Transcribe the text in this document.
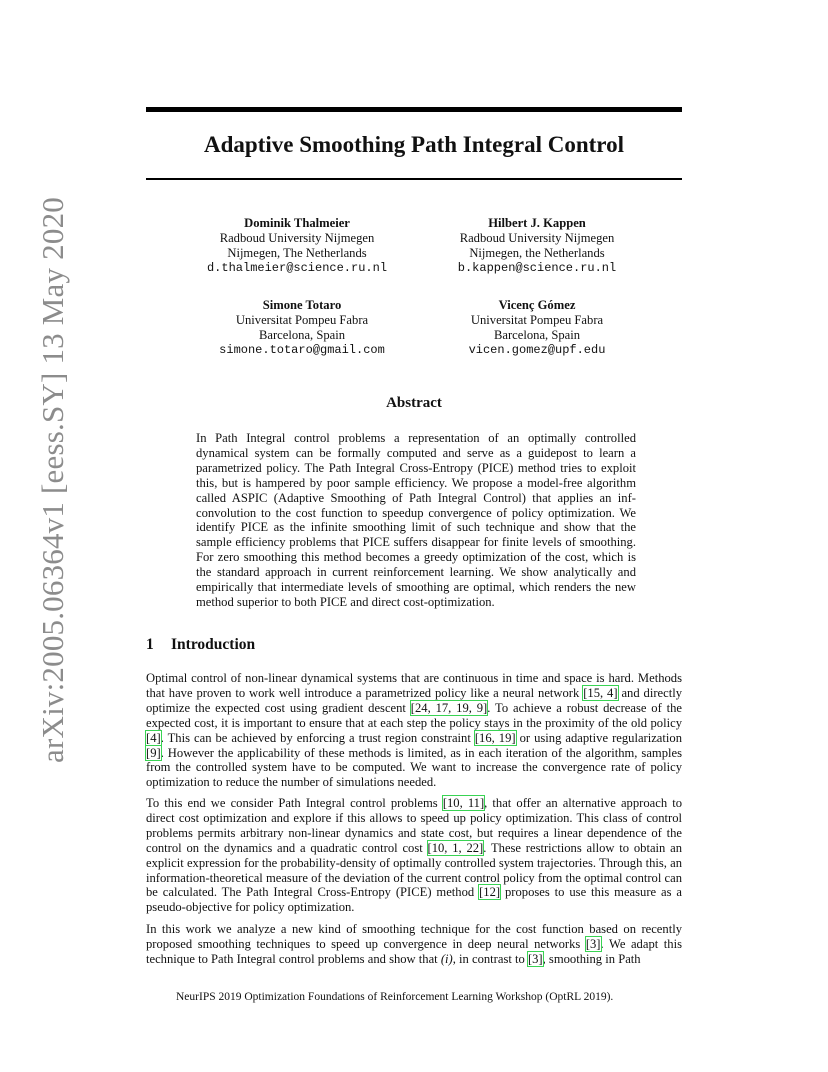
arXiv:2005.06364v1 [eess.SY] 13 May 2020
Adaptive Smoothing Path Integral Control
Dominik Thalmeier
Radboud University Nijmegen
Nijmegen, The Netherlands
d.thalmeier@science.ru.nl
Hilbert J. Kappen
Radboud University Nijmegen
Nijmegen, the Netherlands
b.kappen@science.ru.nl
Simone Totaro
Universitat Pompeu Fabra
Barcelona, Spain
simone.totaro@gmail.com
Vicenç Gómez
Universitat Pompeu Fabra
Barcelona, Spain
vicen.gomez@upf.edu
Abstract
In Path Integral control problems a representation of an optimally controlled dynamical system can be formally computed and serve as a guidepost to learn a parametrized policy. The Path Integral Cross-Entropy (PICE) method tries to exploit this, but is hampered by poor sample efficiency. We propose a model-free algorithm called ASPIC (Adaptive Smoothing of Path Integral Control) that applies an inf-convolution to the cost function to speedup convergence of policy optimization. We identify PICE as the infinite smoothing limit of such technique and show that the sample efficiency problems that PICE suffers disappear for finite levels of smoothing. For zero smoothing this method becomes a greedy optimization of the cost, which is the standard approach in current reinforcement learning. We show analytically and empirically that intermediate levels of smoothing are optimal, which renders the new method superior to both PICE and direct cost-optimization.
1 Introduction
Optimal control of non-linear dynamical systems that are continuous in time and space is hard. Methods that have proven to work well introduce a parametrized policy like a neural network [15, 4] and directly optimize the expected cost using gradient descent [24, 17, 19, 9]. To achieve a robust decrease of the expected cost, it is important to ensure that at each step the policy stays in the proximity of the old policy [4]. This can be achieved by enforcing a trust region constraint [16, 19] or using adaptive regularization [9]. However the applicability of these methods is limited, as in each iteration of the algorithm, samples from the controlled system have to be computed. We want to increase the convergence rate of policy optimization to reduce the number of simulations needed.
To this end we consider Path Integral control problems [10, 11], that offer an alternative approach to direct cost optimization and explore if this allows to speed up policy optimization. This class of control problems permits arbitrary non-linear dynamics and state cost, but requires a linear dependence of the control on the dynamics and a quadratic control cost [10, 1, 22]. These restrictions allow to obtain an explicit expression for the probability-density of optimally controlled system trajectories. Through this, an information-theoretical measure of the deviation of the current control policy from the optimal control can be calculated. The Path Integral Cross-Entropy (PICE) method [12] proposes to use this measure as a pseudo-objective for policy optimization.
In this work we analyze a new kind of smoothing technique for the cost function based on recently proposed smoothing techniques to speed up convergence in deep neural networks [3]. We adapt this technique to Path Integral control problems and show that (i), in contrast to [3], smoothing in Path
NeurIPS 2019 Optimization Foundations of Reinforcement Learning Workshop (OptRL 2019).
